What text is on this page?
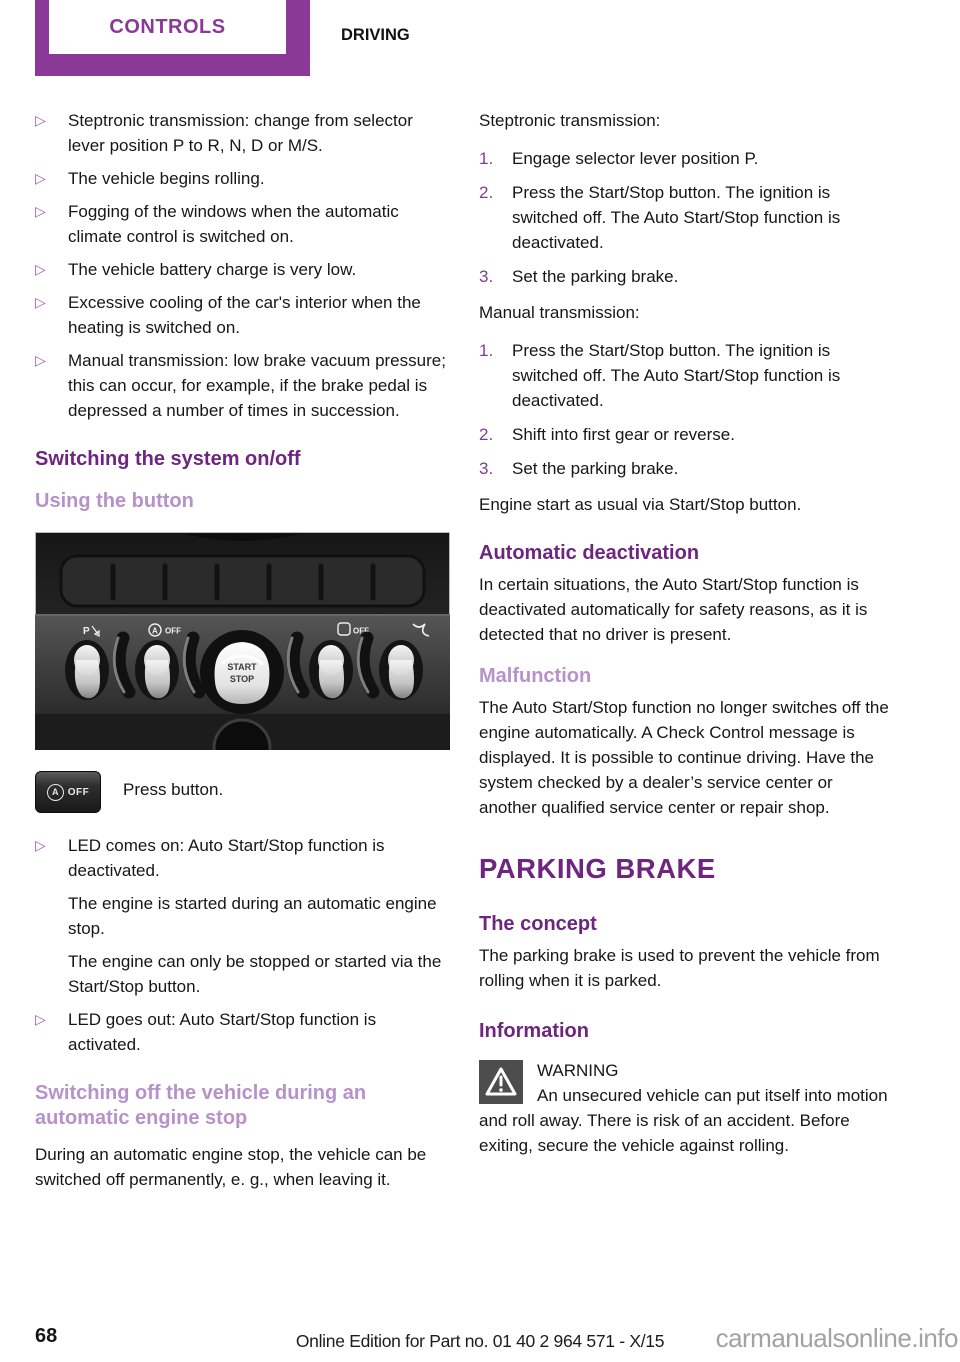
CONTROLS	DRIVING
▷ Steptronic transmission: change from selector lever position P to R, N, D or M/S.
▷ The vehicle begins rolling.
▷ Fogging of the windows when the automatic climate control is switched on.
▷ The vehicle battery charge is very low.
▷ Excessive cooling of the car's interior when the heating is switched on.
▷ Manual transmission: low brake vacuum pressure; this can occur, for example, if the brake pedal is depressed a number of times in succession.
Switching the system on/off
Using the button
P	A OFF	OFF
START
STOP
A OFF Press button.
▷ LED comes on: Auto Start/Stop function is deactivated.

The engine is started during an automatic engine stop.

The engine can only be stopped or started via the Start/Stop button.

▷ LED goes out: Auto Start/Stop function is activated.
Switching off the vehicle during an automatic engine stop

During an automatic engine stop, the vehicle can be switched off permanently, e. g., when leaving it.

Steptronic transmission:

1.	Engage selector lever position P.
2.	Press the Start/Stop button. The ignition is switched off. The Auto Start/Stop function is deactivated.
3.	Set the parking brake.

Manual transmission:

1.	Press the Start/Stop button. The ignition is switched off. The Auto Start/Stop function is deactivated.
2.	Shift into first gear or reverse.
3.	Set the parking brake.

Engine start as usual via Start/Stop button.

Automatic deactivation

In certain situations, the Auto Start/Stop function is deactivated automatically for safety reasons, as it is detected that no driver is present.

Malfunction

The Auto Start/Stop function no longer switches off the engine automatically. A Check Control message is displayed. It is possible to continue driving. Have the system checked by a dealer’s service center or another qualified service center or repair shop.

PARKING BRAKE
The concept

The parking brake is used to prevent the vehicle from rolling when it is parked.

Information
WARNING

An unsecured vehicle can put itself into motion and roll away. There is risk of an accident. Before exiting, secure the vehicle against rolling.

68	Online Edition for Part no. 01 40 2 964 571 - X/15	carmanualsonline.info
